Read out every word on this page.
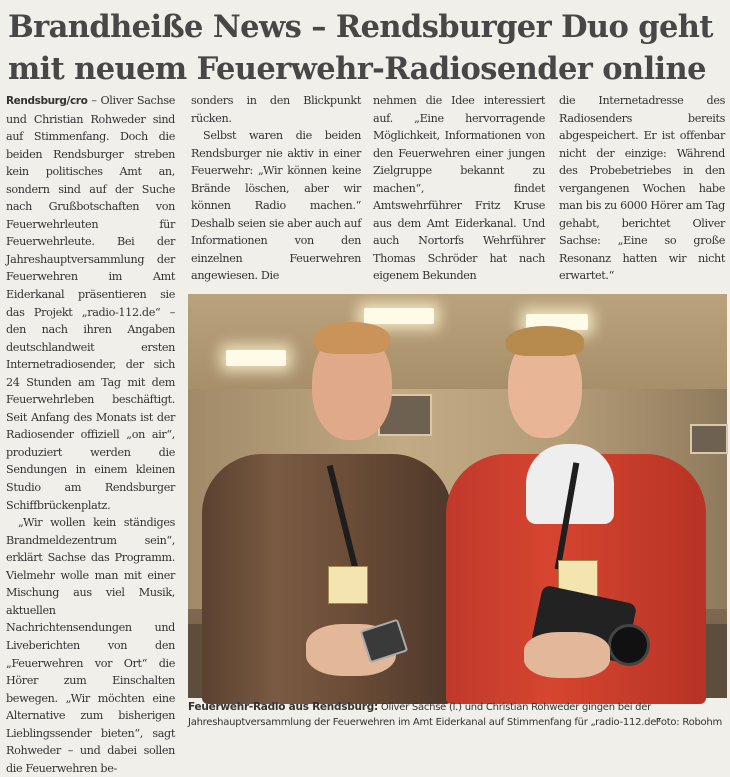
Brandheiße News – Rendsburger Duo geht
mit neuem Feuerwehr-Radiosender online

Rendsburg/cro – Oliver Sachse und Christian Rohweder sind auf Stimmenfang. Doch die beiden Rendsburger streben kein politisches Amt an, sondern sind auf der Suche nach Grußbotschaften von Feuerwehrleuten für Feuerwehrleute. Bei der Jahreshauptversammlung der Feuerwehren im Amt Eiderkanal präsentieren sie das Projekt „radio-112.de“ – den nach ihren Angaben deutschlandweit ersten Internetradiosender, der sich 24 Stunden am Tag mit dem Feuerwehrleben beschäftigt. Seit Anfang des Monats ist der Radiosender offiziell „on air“, produziert werden die Sendungen in einem kleinen Studio am Rendsburger Schiffbrückenplatz.

„Wir wollen kein ständiges Brandmeldezentrum sein“, erklärt Sachse das Programm. Vielmehr wolle man mit einer Mischung aus viel Musik, aktuellen Nachrichtensendungen und Liveberichten von den „Feuerwehren vor Ort“ die Hörer zum Einschalten bewegen. „Wir möchten eine Alternative zum bisherigen Lieblingssender bieten“, sagt Rohweder – und dabei sollen die Feuerwehren be-

sonders in den Blickpunkt rücken.

Selbst waren die beiden Rendsburger nie aktiv in einer Feuerwehr: „Wir können keine Brände löschen, aber wir können Radio machen.“ Deshalb seien sie aber auch auf Informationen von den einzelnen Feuerwehren angewiesen. Die

nehmen die Idee interessiert auf. „Eine hervorragende Möglichkeit, Informationen von den Feuerwehren einer jungen Zielgruppe bekannt zu machen“, findet Amtswehrführer Fritz Kruse aus dem Amt Eiderkanal. Und auch Nortorfs Wehrführer Thomas Schröder hat nach eigenem Bekunden

die Internetadresse des Radiosenders bereits abgespeichert. Er ist offenbar nicht der einzige: Während des Probebetriebes in den vergangenen Wochen habe man bis zu 6000 Hörer am Tag gehabt, berichtet Oliver Sachse: „Eine so große Resonanz hatten wir nicht erwartet.“

Feuerwehr-Radio aus Rendsburg: Oliver Sachse (l.) und Christian Rohweder gingen bei der Jahreshauptversammlung der Feuerwehren im Amt Eiderkanal auf Stimmenfang für „radio-112.de“
Foto: Robohm
